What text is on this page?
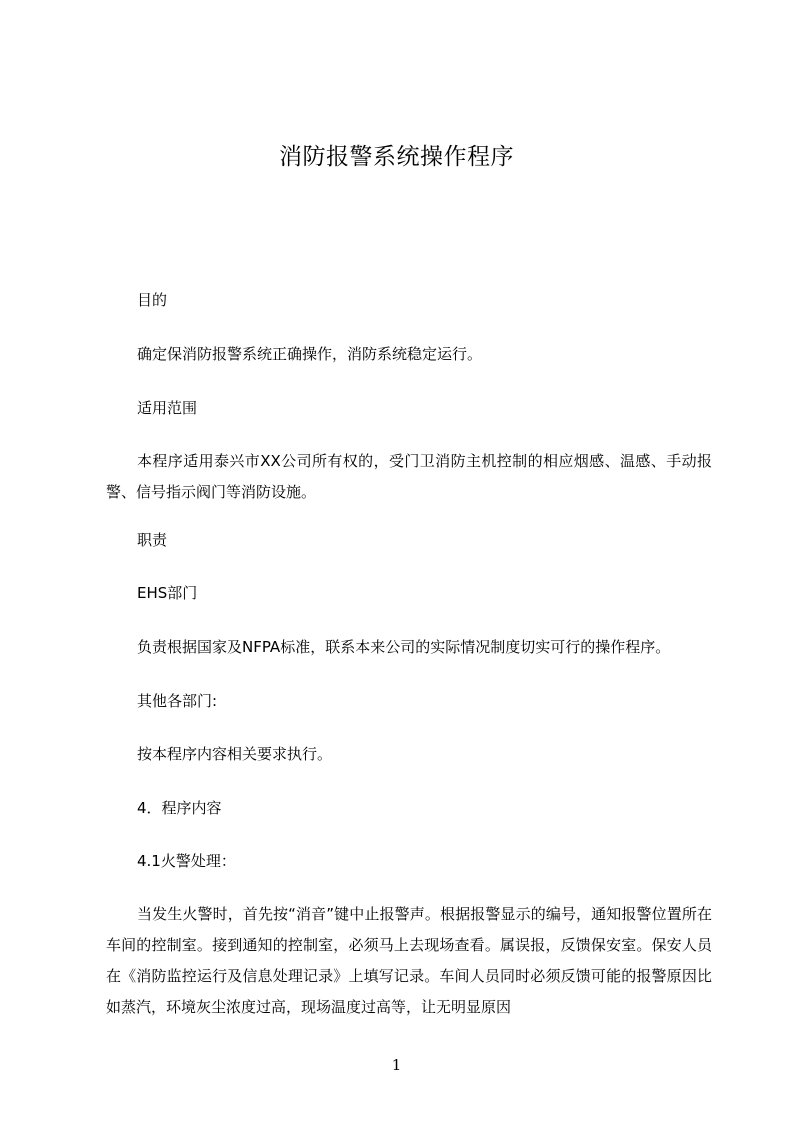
消防报警系统操作程序
目的
确定保消防报警系统正确操作，消防系统稳定运行。
适用范围
本程序适用泰兴市XX公司所有权的，受门卫消防主机控制的相应烟感、温感、手动报警、信号指示阀门等消防设施。
职责
EHS部门
负责根据国家及NFPA标准，联系本来公司的实际情况制度切实可行的操作程序。
其他各部门:
按本程序内容相关要求执行。
4．程序内容
4.1火警处理：
当发生火警时，首先按“消音”键中止报警声。根据报警显示的编号，通知报警位置所在车间的控制室。接到通知的控制室，必须马上去现场查看。属误报，反馈保安室。保安人员在《消防监控运行及信息处理记录》上填写记录。车间人员同时必须反馈可能的报警原因比如蒸汽，环境灰尘浓度过高，现场温度过高等，让无明显原因
1
